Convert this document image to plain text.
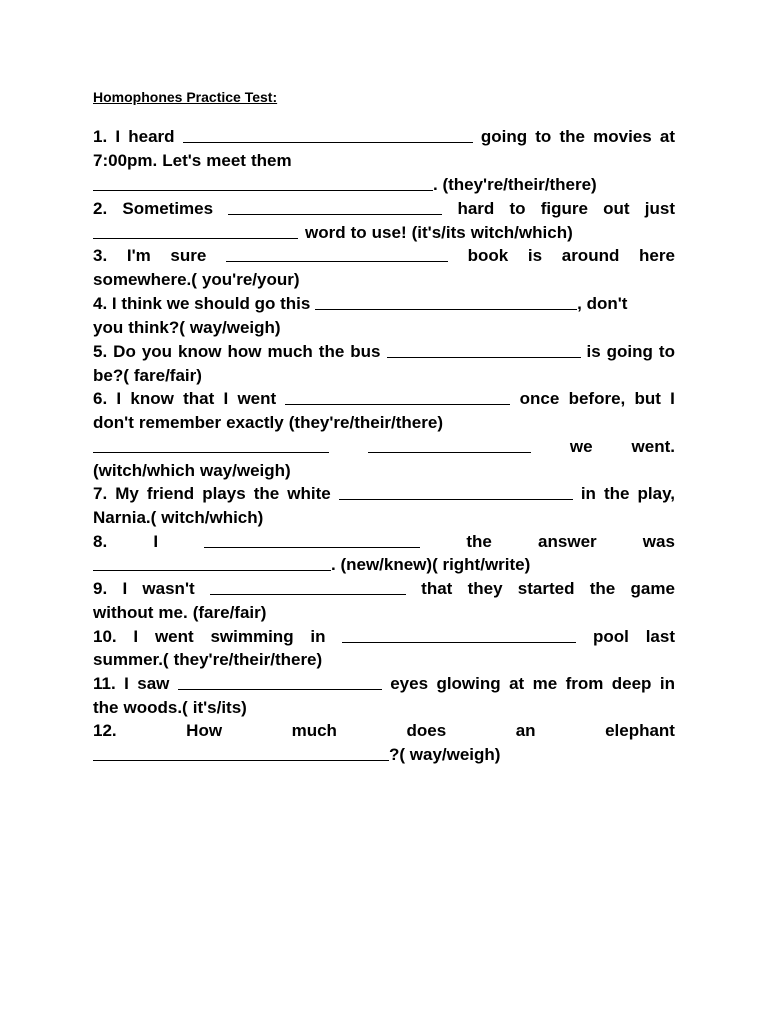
Homophones Practice Test:
1. I heard	going to the movies at
7:00pm. Let's meet them
. (they're/their/there)
2. Sometimes	hard to figure out just
word to use! (it's/its witch/which)
3. I'm sure	book is around here
somewhere.( you're/your)
4.
I
think
we
should
go
this
	,
don't
you think?( way/weigh)
5. Do you know how much the bus	is going to
be?( fare/fair)
6. I know that I went	once before, but I
don't remember exactly (they're/their/there)
we went.
(witch/which way/weigh)
7. My friend plays the white	in the play,
Narnia.( witch/which)
8.	I	the	answer	was
. (new/knew)( right/write)
9. I wasn't	that they started the game
without me. (fare/fair)
10. I went swimming in	pool last
summer.( they're/their/there)
11. I saw	eyes glowing at me from deep in
the woods.( it's/its)
12.	How	much	does	an	elephant
?( way/weigh)
